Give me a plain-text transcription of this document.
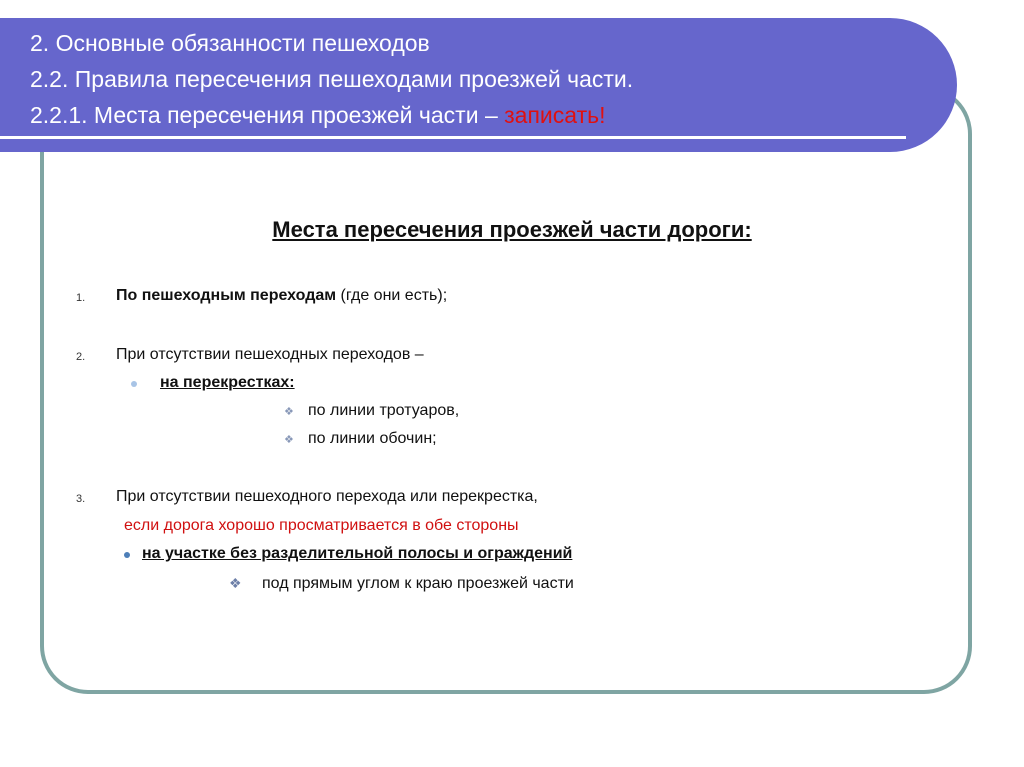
2. Основные обязанности пешеходов
2.2. Правила пересечения пешеходами проезжей части.
2.2.1. Места пересечения проезжей части – записать!
Места пересечения проезжей части дороги:
1. По пешеходным переходам (где они есть);
2. При отсутствии пешеходных переходов –
на перекрестках:
❖ по линии тротуаров,
❖ по линии обочин;
3. При отсутствии пешеходного перехода или перекрестка,
если дорога хорошо просматривается в обе стороны
на участке без разделительной полосы и ограждений
❖ под прямым углом к краю проезжей части
